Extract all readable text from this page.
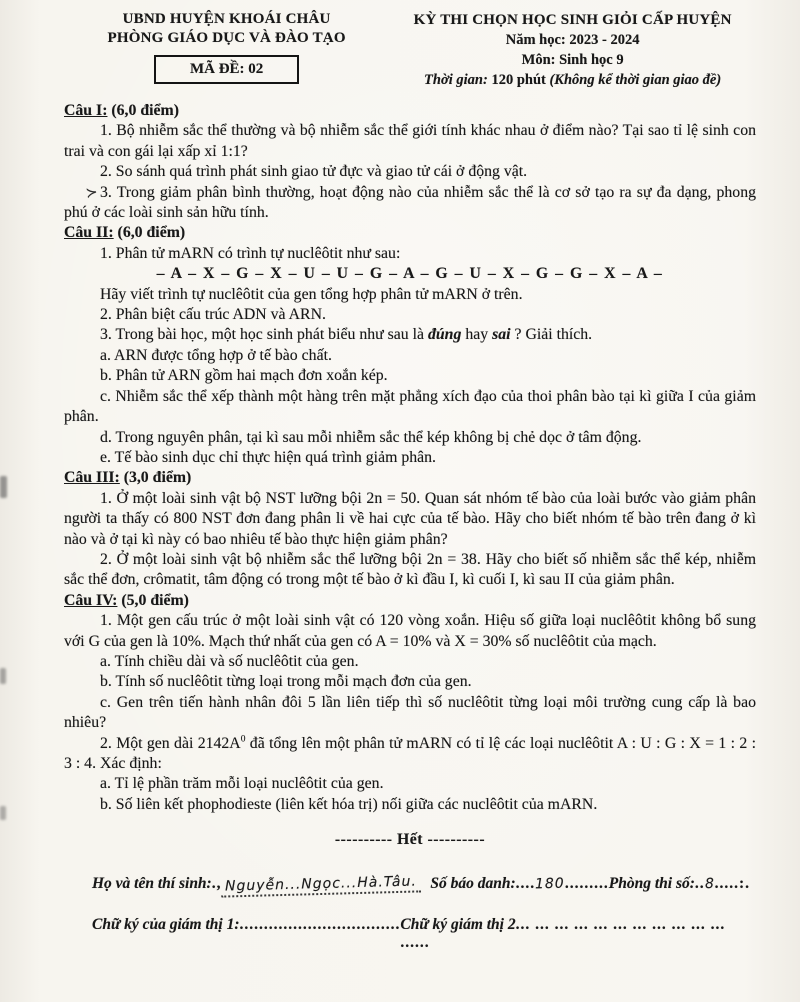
UBND HUYỆN KHOÁI CHÂU
PHÒNG GIÁO DỤC VÀ ĐÀO TẠO
MÃ ĐỀ: 02
KỲ THI CHỌN HỌC SINH GIỎI CẤP HUYỆN
Năm học: 2023 - 2024
Môn: Sinh học 9
Thời gian: 120 phút (Không kể thời gian giao đề)

Câu I: (6,0 điểm)

1. Bộ nhiễm sắc thể thường và bộ nhiễm sắc thể giới tính khác nhau ở điểm nào? Tại sao tỉ lệ sinh con trai và con gái lại xấp xỉ 1:1?

2. So sánh quá trình phát sinh giao tử đực và giao tử cái ở động vật.

≻ 3. Trong giảm phân bình thường, hoạt động nào của nhiễm sắc thể là cơ sở tạo ra sự đa dạng, phong phú ở các loài sinh sản hữu tính.

Câu II: (6,0 điểm)

1. Phân tử mARN có trình tự nuclêôtit như sau:

– A – X – G – X – U – U – G – A – G – U – X – G – G – X – A –

Hãy viết trình tự nuclêôtit của gen tổng hợp phân tử mARN ở trên.

2. Phân biệt cấu trúc ADN và ARN.

3. Trong bài học, một học sinh phát biểu như sau là đúng hay sai ? Giải thích.

a. ARN được tổng hợp ở tế bào chất.

b. Phân tử ARN gồm hai mạch đơn xoắn kép.

c. Nhiễm sắc thể xếp thành một hàng trên mặt phẳng xích đạo của thoi phân bào tại kì giữa I của giảm phân.

d. Trong nguyên phân, tại kì sau mỗi nhiễm sắc thể kép không bị chẻ dọc ở tâm động.

e. Tế bào sinh dục chỉ thực hiện quá trình giảm phân.

Câu III: (3,0 điểm)

1. Ở một loài sinh vật bộ NST lưỡng bội 2n = 50. Quan sát nhóm tế bào của loài bước vào giảm phân người ta thấy có 800 NST đơn đang phân li về hai cực của tế bào. Hãy cho biết nhóm tế bào trên đang ở kì nào và ở tại kì này có bao nhiêu tế bào thực hiện giảm phân?

2. Ở một loài sinh vật bộ nhiễm sắc thể lưỡng bội 2n = 38. Hãy cho biết số nhiễm sắc thể kép, nhiễm sắc thể đơn, crômatit, tâm động có trong một tế bào ở kì đầu I, kì cuối I, kì sau II của giảm phân.

Câu IV: (5,0 điểm)

1. Một gen cấu trúc ở một loài sinh vật có 120 vòng xoắn. Hiệu số giữa loại nuclêôtit không bổ sung với G của gen là 10%. Mạch thứ nhất của gen có A = 10% và X = 30% số nuclêôtit của mạch.

a. Tính chiều dài và số nuclêôtit của gen.

b. Tính số nuclêôtit từng loại trong mỗi mạch đơn của gen.

c. Gen trên tiến hành nhân đôi 5 lần liên tiếp thì số nuclêôtit từng loại môi trường cung cấp là bao nhiêu?

2. Một gen dài $2142A^0$ đã tổng lên một phân tử mARN có tỉ lệ các loại nuclêôtit A : U : G : X = 1 : 2 : 3 : 4. Xác định:

a. Tỉ lệ phần trăm mỗi loại nuclêôtit của gen.

b. Số liên kết phophodieste (liên kết hóa trị) nối giữa các nuclêôtit của mARN.

---------- Hết ----------

Họ và tên thí sinh:., Nguyễn...Ngọc...Hà.Tâu. Số báo danh:....180.........Phòng thi số:..8.....:.
Chữ ký của giám thị 1:................................. Chữ ký giám thị 2... ... ... ... ... ... ... ... ... ... ... ......
